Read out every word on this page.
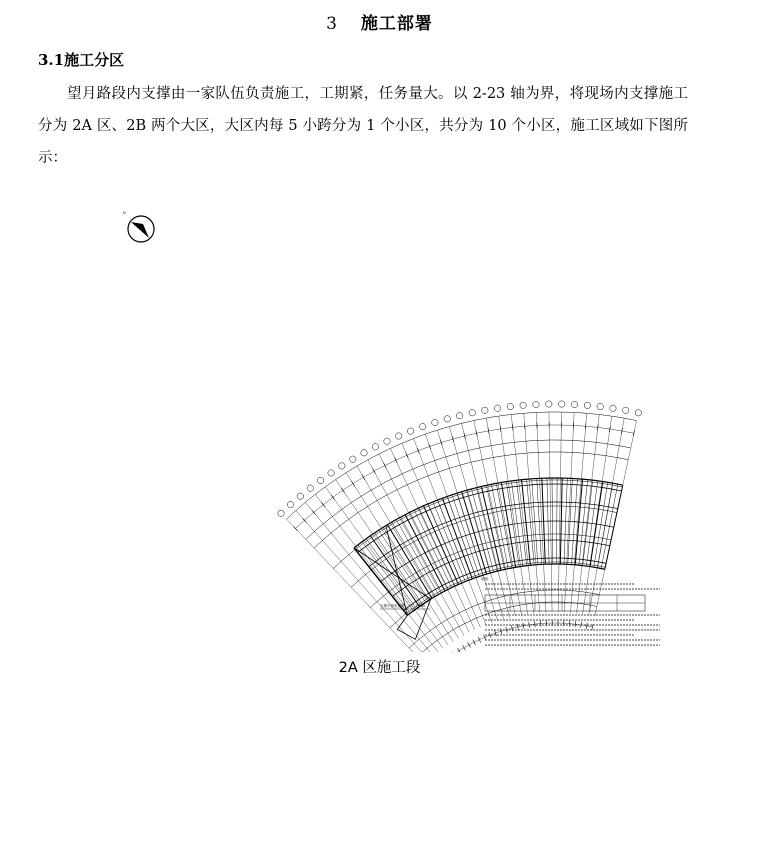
3 施工部署
3.1施工分区
望月路段内支撑由一家队伍负责施工，工期紧，任务量大。以 2-23 轴为界，将现场内支撑施工分为 2A 区、2B 两个大区，大区内每 5 小跨分为 1 个小区，共分为 10 个小区，施工区域如下图所示：
N
支撑平面布置图（一）1:200
说明：
2A 区施工段
